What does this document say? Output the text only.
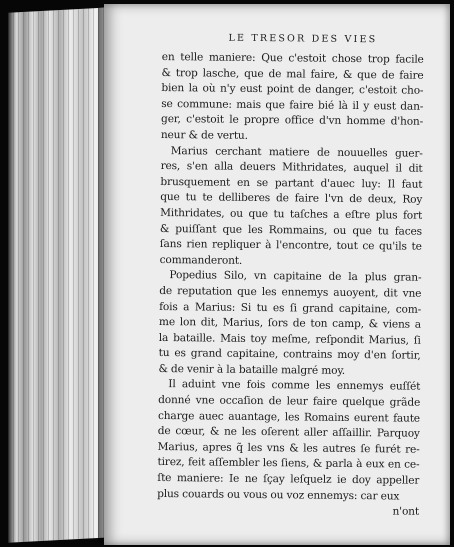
LE TRESOR DES VIES
en telle maniere: Que c'estoit chose trop facile
& trop lasche, que de mal faire, & que de faire
bien la où n'y eust point de danger, c'estoit cho-
se commune: mais que faire bié là il y eust dan-
ger, c'estoit le propre office d'vn homme d'hon-
neur & de vertu.
Marius cerchant matiere de nouuelles guer-
res, s'en alla deuers Mithridates, auquel il dit
brusquement en se partant d'auec luy: Il faut
que tu te delliberes de faire l'vn de deux, Roy
Mithridates, ou que tu taſches a eſtre plus fort
& puiſſant que les Rommains, ou que tu faces
ſans rien repliquer à l'encontre, tout ce qu'ils te
commanderont.
Popedius Silo, vn capitaine de la plus gran-
de reputation que les ennemys auoyent, dit vne
fois a Marius: Si tu es ſi grand capitaine, com-
me lon dit, Marius, ſors de ton camp, & viens a
la bataille. Mais toy meſme, reſpondit Marius, ſi
tu es grand capitaine, contrains moy d'en ſortir,
& de venir à la bataille malgré moy.
Il aduint vne fois comme les ennemys euſſét
donné vne occaſion de leur faire quelque grãde
charge auec auantage, les Romains eurent faute
de cœur, & ne les oſerent aller aſſaillir. Parquoy
Marius, apres q̃ les vns & les autres ſe furét re-
tirez, feit aſſembler les ſiens, & parla à eux en ce-
ſte maniere: Ie ne ſçay leſquelz ie doy appeller
plus couards ou vous ou voz ennemys: car eux
n'ont
